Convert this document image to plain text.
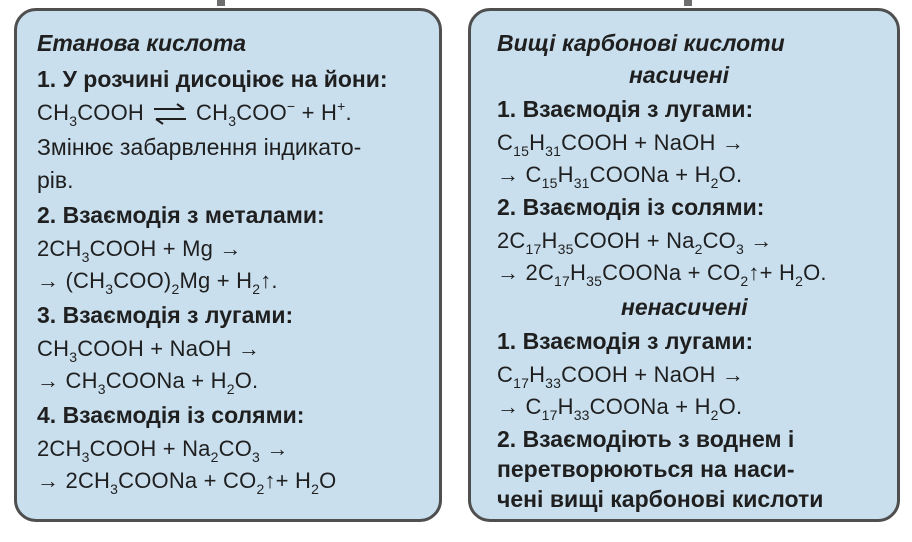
Етанова кислота
1. У розчині дисоціює на йони:
$CH_3COOH$ ⇌ $CH_3COO^- + H^+$.
Змінює забарвлення індикато-
рів.
2. Взаємодія з металами:
$2CH_3COOH + Mg$ →
→ $(CH_3COO)_2Mg$ + $H_2↑$.
3. Взаємодія з лугами:
$CH_3COOH$ + NaOH →
→ $CH_3COONa + H_2O$.
4. Взаємодія із солями:
$2CH_3COOH + Na_2CO_3$ →
→ $2CH_3COONa$ + $CO_2↑+ H_2O$
Вищі карбонові кислоти
насичені
1. Взаємодія з лугами:
$C_{15}H_{31}COOH$ + NaOH →
→ $C_{15}H_{31}COONa + H_2O$.
2. Взаємодія із солями:
$2C_{17}H_{35}COOH + Na_2CO_3$ →
→ $2C_{17}H_{35}COONa$ + $CO_2↑+ H_2O$.
ненасичені
1. Взаємодія з лугами:
$C_{17}H_{33}COOH$ + NaOH →
→ $C_{17}H_{33}COONa + H_2O$.
2. Взаємодіють з воднем і
перетворюються на наси-
чені вищі карбонові кислоти
